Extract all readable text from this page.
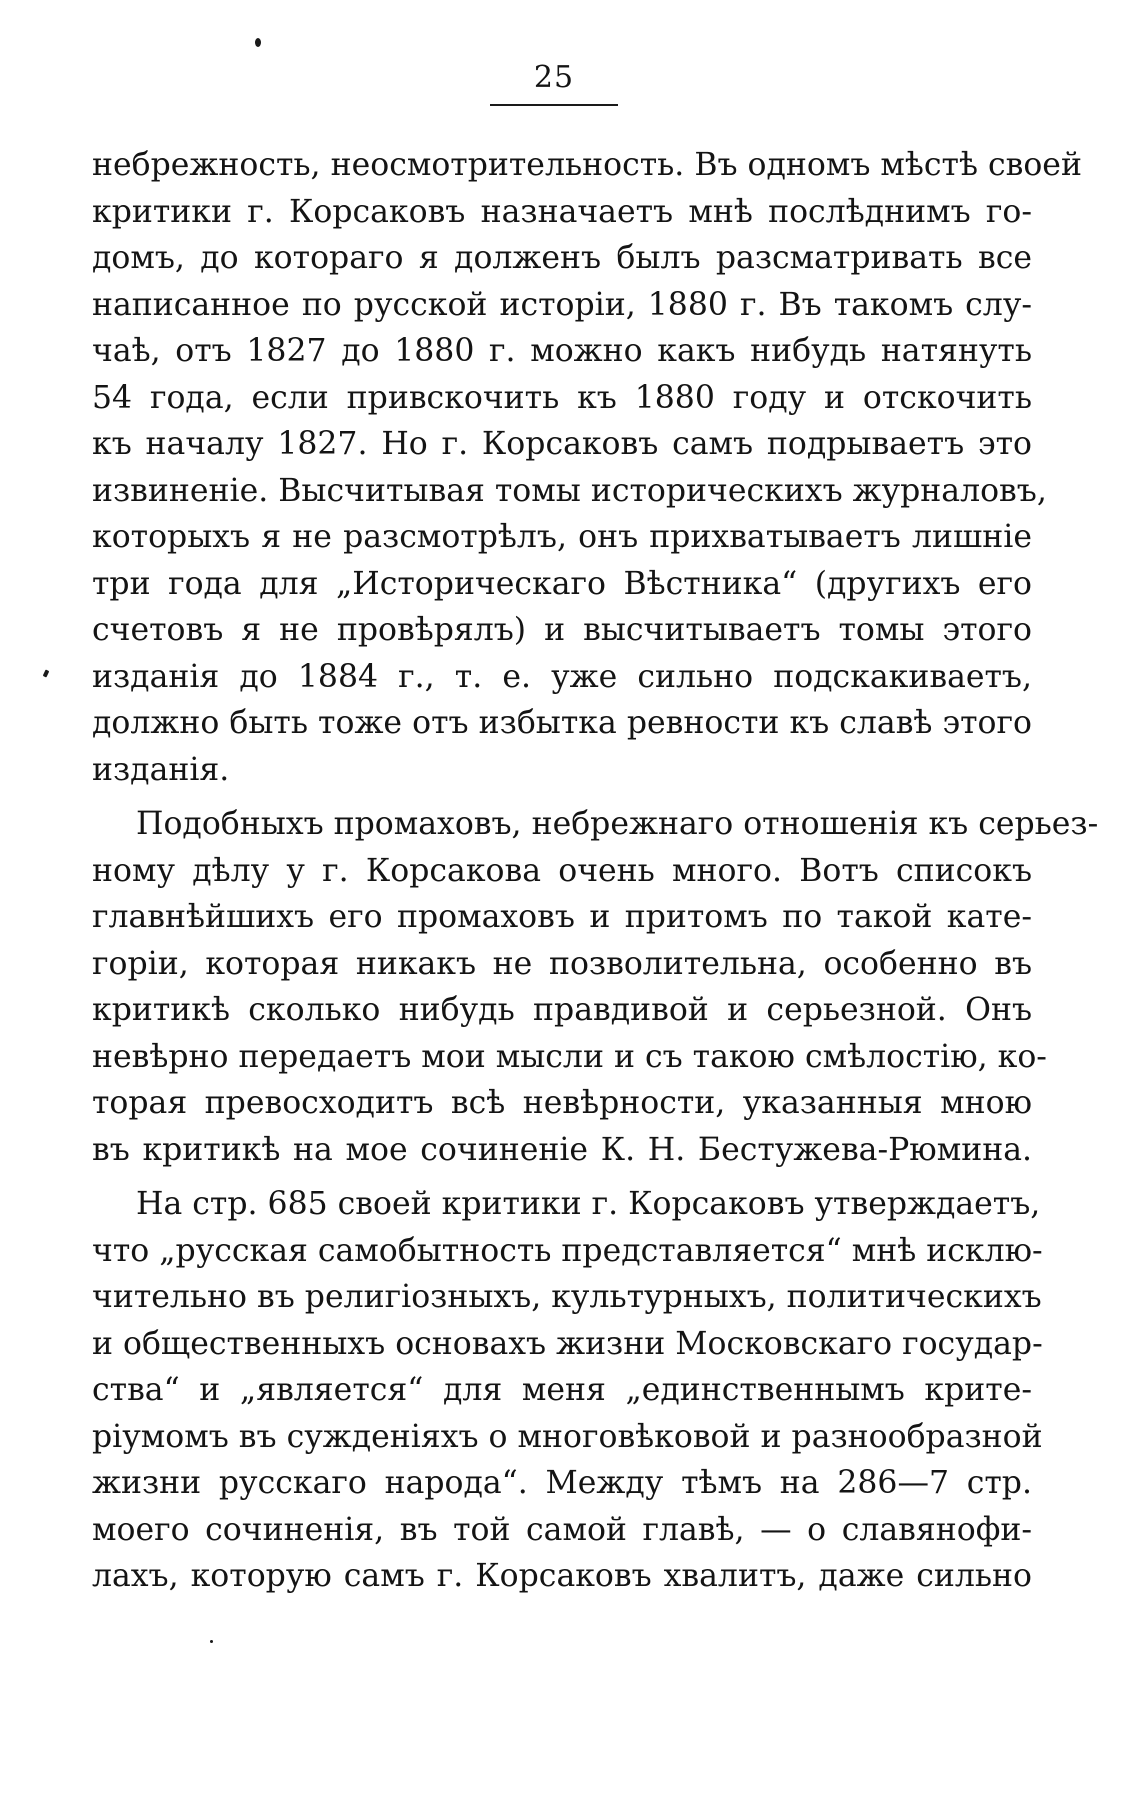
25
небрежность, неосмотрительность. Въ одномъ мѣстѣ своей
критики г. Корсаковъ назначаетъ мнѣ послѣднимъ го-
домъ, до котораго я долженъ былъ разсматривать все
написанное по русской исторіи, 1880 г. Въ такомъ слу-
чаѣ, отъ 1827 до 1880 г. можно какъ нибудь натянуть
54 года, если привскочить къ 1880 году и отскочить
къ началу 1827. Но г. Корсаковъ самъ подрываетъ это
извиненіе. Высчитывая томы историческихъ журналовъ,
которыхъ я не разсмотрѣлъ, онъ прихватываетъ лишніе
три года для „Историческаго Вѣстника“ (другихъ его
счетовъ я не провѣрялъ) и высчитываетъ томы этого
изданія до 1884 г., т. е. уже сильно подскакиваетъ,
должно быть тоже отъ избытка ревности къ славѣ этого
изданія.
Подобныхъ промаховъ, небрежнаго отношенія къ серьез-
ному дѣлу у г. Корсакова очень много. Вотъ списокъ
главнѣйшихъ его промаховъ и притомъ по такой кате-
горіи, которая никакъ не позволительна, особенно въ
критикѣ сколько нибудь правдивой и серьезной. Онъ
невѣрно передаетъ мои мысли и съ такою смѣлостію, ко-
торая превосходитъ всѣ невѣрности, указанныя мною
въ критикѣ на мое сочиненіе К. Н. Бестужева-Рюмина.
На стр. 685 своей критики г. Корсаковъ утверждаетъ,
что „русская самобытность представляется“ мнѣ исклю-
чительно въ религіозныхъ, культурныхъ, политическихъ
и общественныхъ основахъ жизни Московскаго государ-
ства“ и „является“ для меня „единственнымъ крите-
ріумомъ въ сужденіяхъ о многовѣковой и разнообразной
жизни русскаго народа“. Между тѣмъ на 286—7 стр.
моего сочиненія, въ той самой главѣ, — о славянофи-
лахъ, которую самъ г. Корсаковъ хвалитъ, даже сильно
